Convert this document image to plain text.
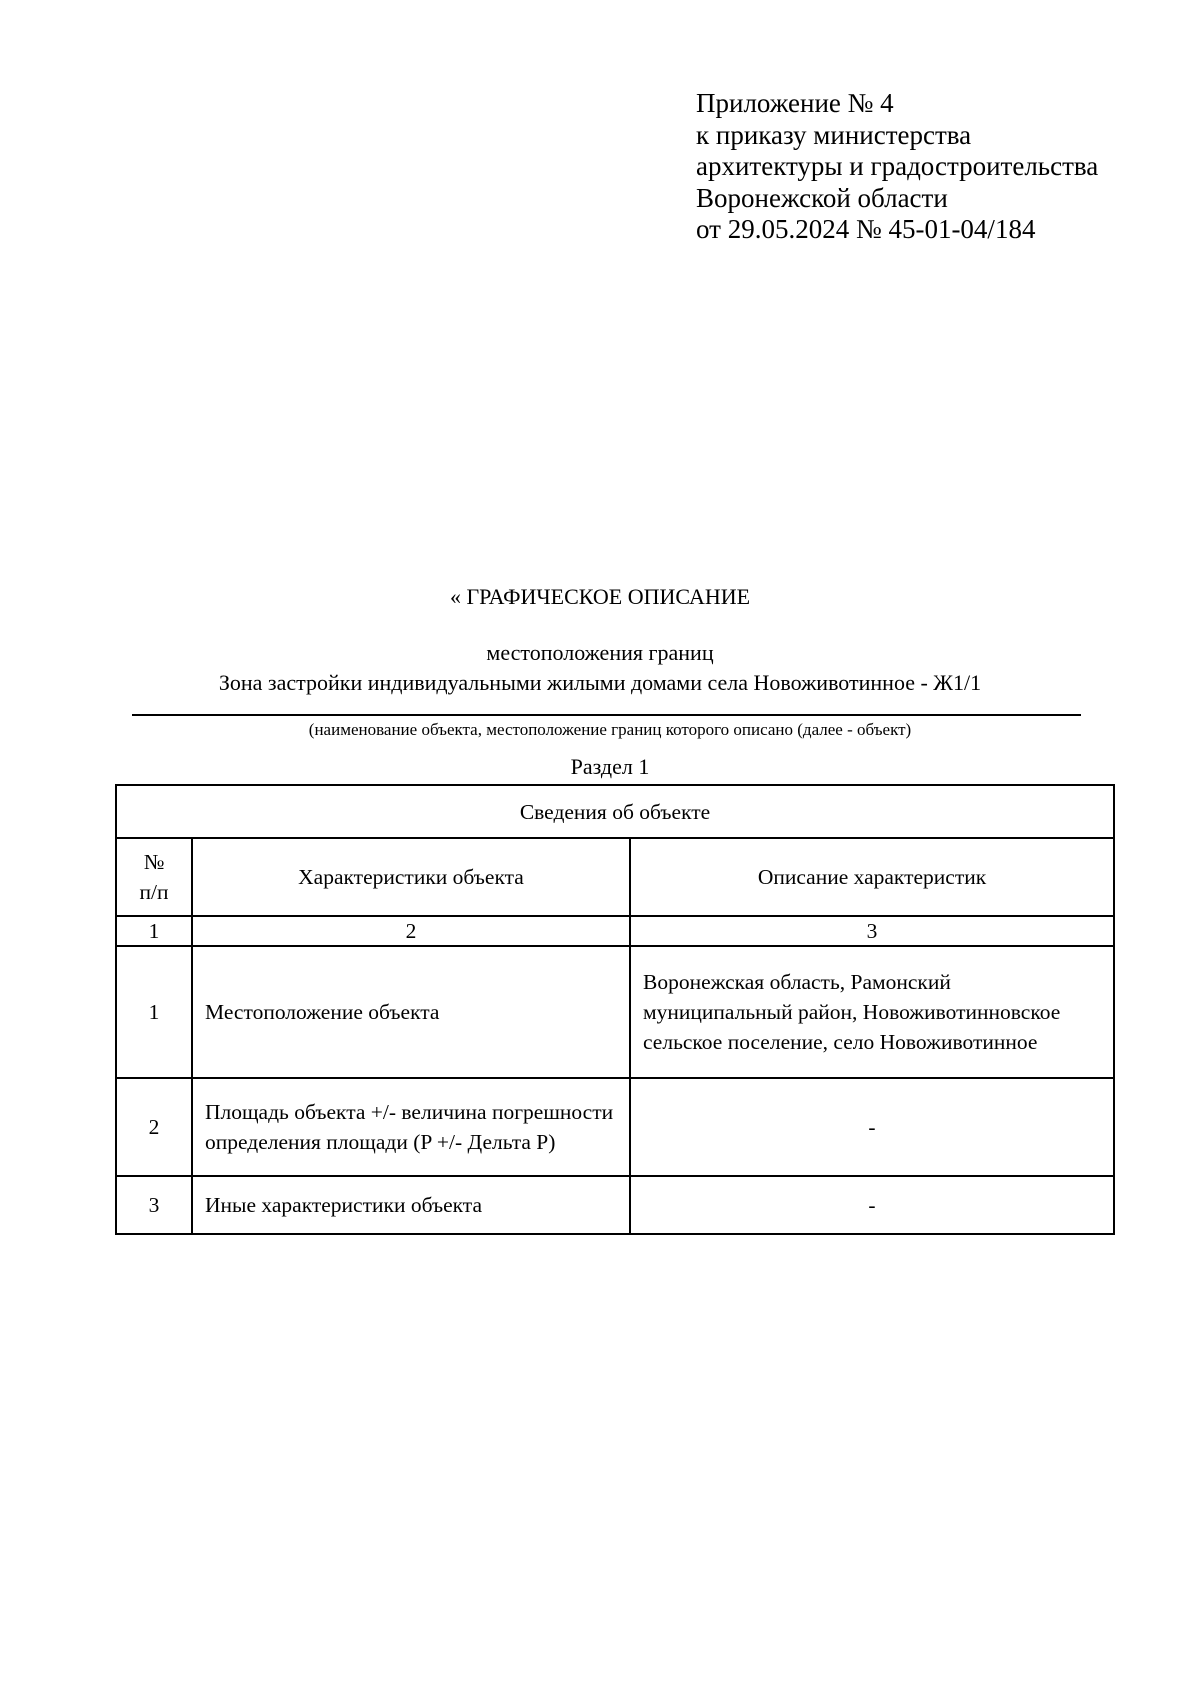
Приложение № 4
к приказу министерства
архитектуры и градостроительства
Воронежской области
от 29.05.2024 № 45-01-04/184
« ГРАФИЧЕСКОЕ ОПИСАНИЕ
местоположения границ
Зона застройки индивидуальными жилыми домами села Новоживотинное - Ж1/1
(наименование объекта, местоположение границ которого описано (далее - объект)
Раздел 1
Сведения об объекте		

№
п/п	Характеристики объекта	Описание характеристик
1	2	3
1	Местоположение объекта	Воронежская область, Рамонский муниципальный район, Новоживотинновское сельское поселение, село Новоживотинное
2	Площадь объекта +/- величина погрешности определения площади (P +/- Дельта P)	-
3	Иные характеристики объекта	-
